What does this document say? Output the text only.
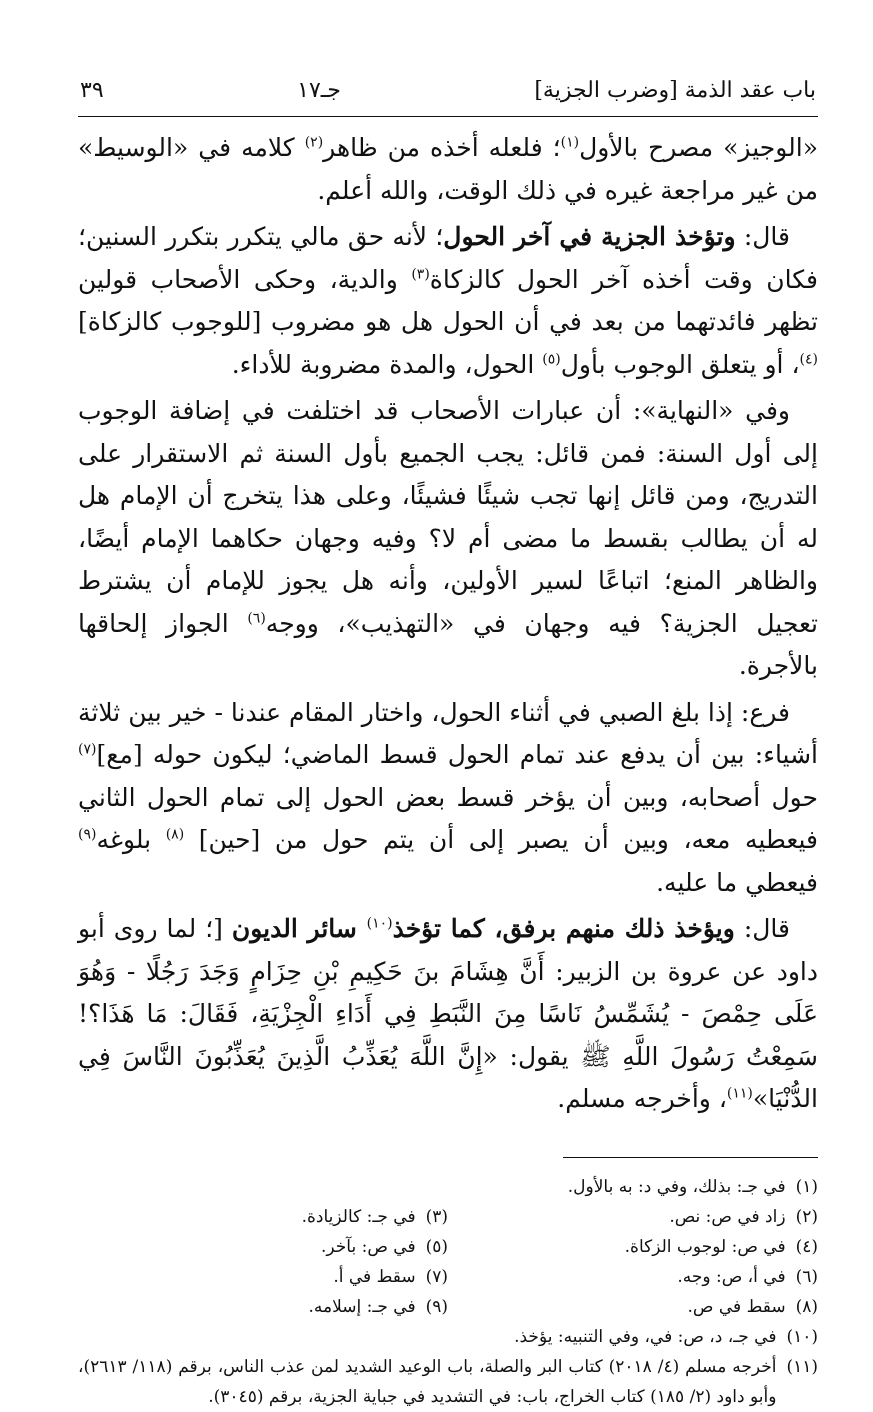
باب عقد الذمة [وضرب الجزية]
جـ١٧
٣٩

«الوجيز» مصرح بالأول$^{(١)}$؛ فلعله أخذه من ظاهر$^{(٢)}$ كلامه في «الوسيط» من غير مراجعة غيره في ذلك الوقت، والله أعلم.

قال: وتؤخذ الجزية في آخر الحول؛ لأنه حق مالي يتكرر بتكرر السنين؛ فكان وقت أخذه آخر الحول كالزكاة$^{(٣)}$ والدية، وحكى الأصحاب قولين تظهر فائدتهما من بعد في أن الحول هل هو مضروب [للوجوب كالزكاة]$^{(٤)}$، أو يتعلق الوجوب بأول$^{(٥)}$ الحول، والمدة مضروبة للأداء.

وفي «النهاية»: أن عبارات الأصحاب قد اختلفت في إضافة الوجوب إلى أول السنة: فمن قائل: يجب الجميع بأول السنة ثم الاستقرار على التدريج، ومن قائل إنها تجب شيئًا فشيئًا، وعلى هذا يتخرج أن الإمام هل له أن يطالب بقسط ما مضى أم لا؟ وفيه وجهان حكاهما الإمام أيضًا، والظاهر المنع؛ اتباعًا لسير الأولين، وأنه هل يجوز للإمام أن يشترط تعجيل الجزية؟ فيه وجهان في «التهذيب»، ووجه$^{(٦)}$ الجواز إلحاقها بالأجرة.

فرع: إذا بلغ الصبي في أثناء الحول، واختار المقام عندنا - خير بين ثلاثة أشياء: بين أن يدفع عند تمام الحول قسط الماضي؛ ليكون حوله [مع]$^{(٧)}$ حول أصحابه، وبين أن يؤخر قسط بعض الحول إلى تمام الحول الثاني فيعطيه معه، وبين أن يصبر إلى أن يتم حول من [حين] $^{(٨)}$ بلوغه$^{(٩)}$ فيعطي ما عليه.

قال: ويؤخذ ذلك منهم برفق، كما تؤخذ$^{(١٠)}$ سائر الديون [؛ لما روى أبو داود عن عروة بن الزبير: أَنَّ هِشَامَ بنَ حَكِيمِ بْنِ حِزَامٍ وَجَدَ رَجُلًا - وَهُوَ عَلَى حِمْصَ - يُشَمِّسُ نَاسًا مِنَ النَّبَطِ فِي أَدَاءِ الْجِزْيَةِ، فَقَالَ: مَا هَذَا؟! سَمِعْتُ رَسُولَ اللَّهِ ﷺ يقول: «إِنَّ اللَّهَ يُعَذِّبُ الَّذِينَ يُعَذِّبُونَ النَّاسَ فِي الدُّنْيَا»$^{(١١)}$، وأخرجه مسلم.

(١)
في جـ: بذلك، وفي د: به بالأول.
(٢)
زاد في ص: نص.
(٣)
في جـ: كالزيادة.
(٤)
في ص: لوجوب الزكاة.
(٥)
في ص: بآخر.
(٦)
في أ، ص: وجه.
(٧)
سقط في أ.
(٨)
سقط في ص.
(٩)
في جـ: إسلامه.
(١٠)
في جـ، د، ص: في، وفي التنبيه: يؤخذ.
(١١)
أخرجه مسلم (٤/ ٢٠١٨) كتاب البر والصلة، باب الوعيد الشديد لمن عذب الناس، برقم (١١٨/ ٢٦١٣)، وأبو داود (٢/ ١٨٥) كتاب الخراج، باب: في التشديد في جباية الجزية، برقم (٣٠٤٥).
